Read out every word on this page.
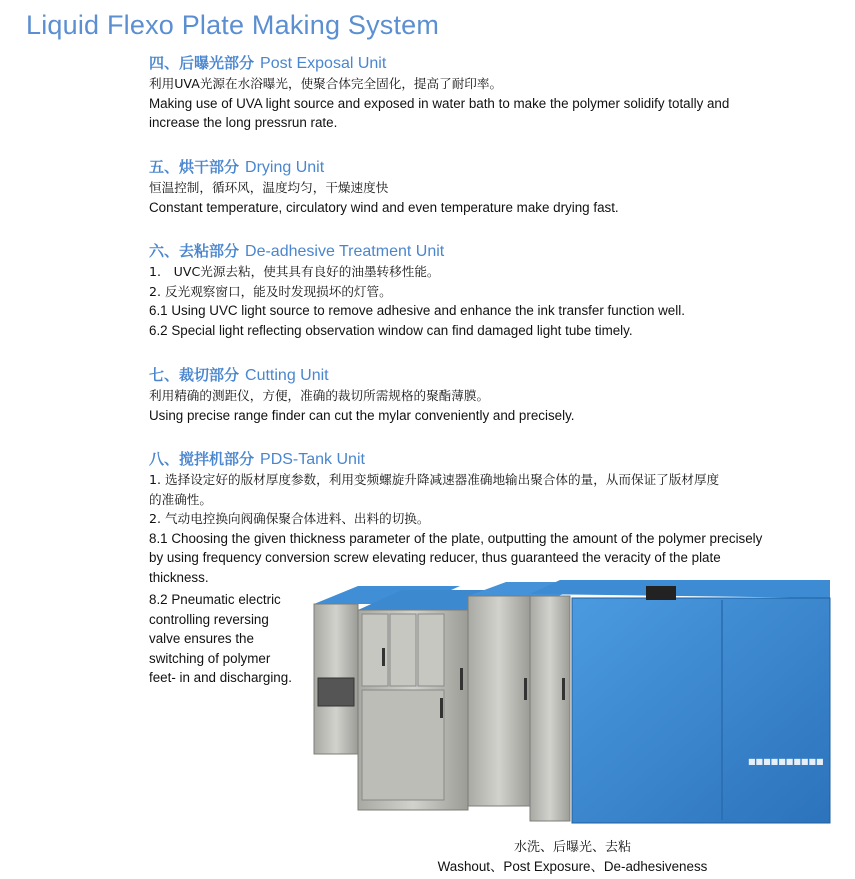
Liquid Flexo Plate Making System
四、后曝光部分 Post Exposal Unit
利用UVA光源在水浴曝光，使聚合体完全固化，提高了耐印率。
Making use of UVA light source and exposed in water bath to make the polymer solidify totally and
increase the long pressrun rate.
五、烘干部分 Drying Unit
恒温控制，循环风，温度均匀，干燥速度快
Constant temperature, circulatory wind and even temperature make drying fast.
六、去粘部分 De-adhesive Treatment Unit
1.　UVC光源去粘，使其具有良好的油墨转移性能。
2. 反光观察窗口，能及时发现损坏的灯管。
6.1 Using UVC light source to remove adhesive and enhance the ink transfer function well.
6.2 Special light reflecting observation window can find damaged light tube timely.
七、裁切部分 Cutting Unit
利用精确的测距仪，方便，准确的裁切所需规格的聚酯薄膜。
Using precise range finder can cut the mylar conveniently and precisely.
八、搅拌机部分 PDS-Tank Unit
1. 选择设定好的版材厚度参数，利用变频螺旋升降减速器准确地输出聚合体的量，从而保证了版材厚度
的准确性。
2. 气动电控换向阀确保聚合体进料、出料的切换。
8.1 Choosing the given thickness parameter of the plate, outputting the amount of the polymer precisely
by using frequency conversion screw elevating reducer, thus guaranteed the veracity of the plate
thickness.
8.2 Pneumatic electric
controlling reversing
valve ensures the
switching of polymer
feet- in and discharging.
■■■■■■■■■■
水洗、后曝光、去粘
Washout、Post Exposure、De-adhesiveness
